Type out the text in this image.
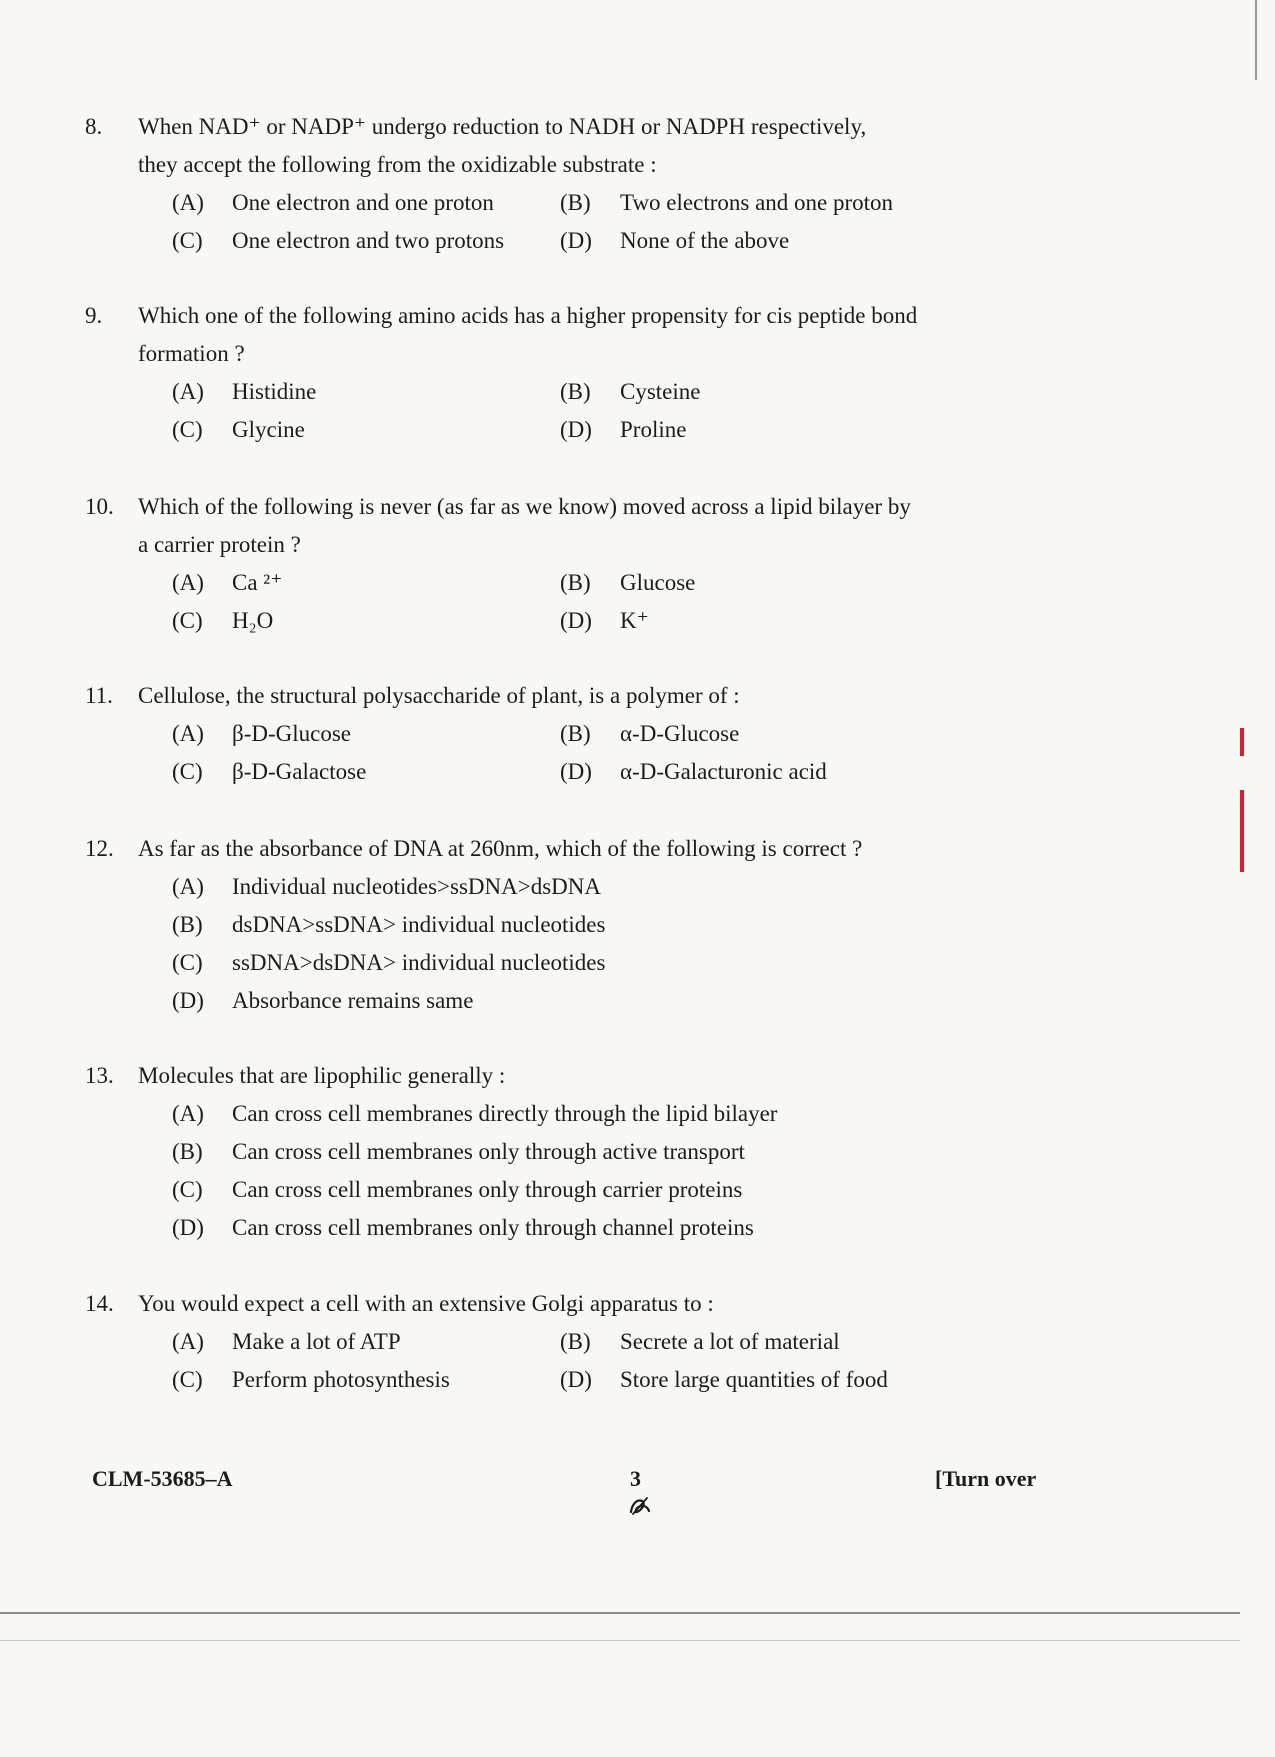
8. When NAD⁺ or NADP⁺ undergo reduction to NADH or NADPH respectively,
they accept the following from the oxidizable substrate :
(A) One electron and one proton	(B) Two electrons and one proton
(C) One electron and two protons (D) None of the above
9. Which one of the following amino acids has a higher propensity for cis peptide bond
formation ?
(A) Histidine	(B) Cysteine
(C) Glycine	(D) Proline
10. Which of the following is never (as far as we know) moved across a lipid bilayer by
a carrier protein ?
(A) Ca ²⁺	(B) Glucose
(C) H₂O	(D) K⁺
11. Cellulose, the structural polysaccharide of plant, is a polymer of :
(A) β-D-Glucose	(B) α-D-Glucose
(C) β-D-Galactose	(D) α-D-Galacturonic acid
12. As far as the absorbance of DNA at 260nm, which of the following is correct ?
(A) Individual nucleotides>ssDNA>dsDNA
(B) dsDNA>ssDNA> individual nucleotides
(C) ssDNA>dsDNA> individual nucleotides
(D) Absorbance remains same
13. Molecules that are lipophilic generally :
(A) Can cross cell membranes directly through the lipid bilayer
(B) Can cross cell membranes only through active transport
(C) Can cross cell membranes only through carrier proteins
(D) Can cross cell membranes only through channel proteins
14. You would expect a cell with an extensive Golgi apparatus to :
(A) Make a lot of ATP	(B) Secrete a lot of material
(C) Perform photosynthesis	(D) Store large quantities of food
CLM-53685–A	3	[Turn over
